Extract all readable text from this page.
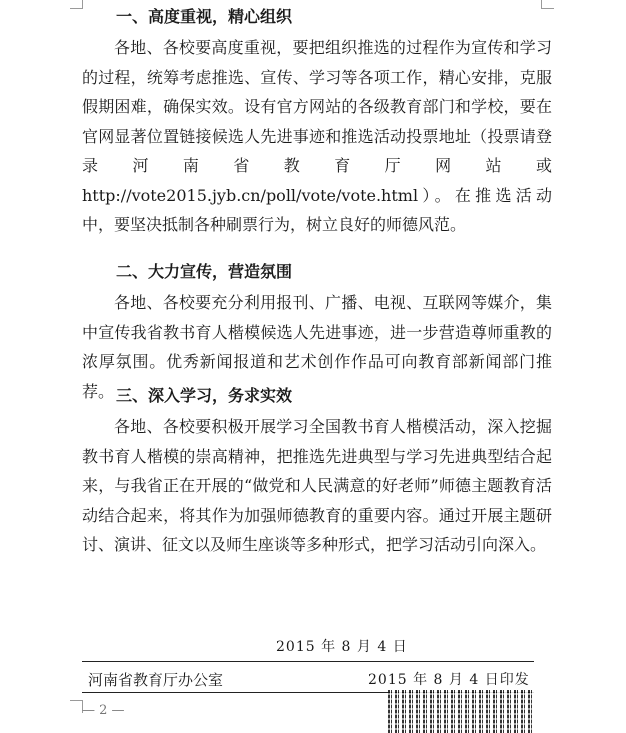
一、高度重视，精心组织
各地、各校要高度重视，要把组织推选的过程作为宣传和学习的过程，统筹考虑推选、宣传、学习等各项工作，精心安排，克服假期困难，确保实效。设有官方网站的各级教育部门和学校，要在官网显著位置链接候选人先进事迹和推选活动投票地址（投票请登录河南省教育厅网站或http://vote2015.jyb.cn/poll/vote/vote.html）。在推选活动中，要坚决抵制各种刷票行为，树立良好的师德风范。
二、大力宣传，营造氛围
各地、各校要充分利用报刊、广播、电视、互联网等媒介，集中宣传我省教书育人楷模候选人先进事迹，进一步营造尊师重教的浓厚氛围。优秀新闻报道和艺术创作作品可向教育部新闻部门推荐。 三、深入学习，务求实效
各地、各校要积极开展学习全国教书育人楷模活动，深入挖掘教书育人楷模的崇高精神，把推选先进典型与学习先进典型结合起来，与我省正在开展的“做党和人民满意的好老师”师德主题教育活动结合起来，将其作为加强师德教育的重要内容。通过开展主题研讨、演讲、征文以及师生座谈等多种形式，把学习活动引向深入。
2015 年 8 月 4 日
河南省教育厅办公室	2015 年 8 月 4 日印发
— 2 —
